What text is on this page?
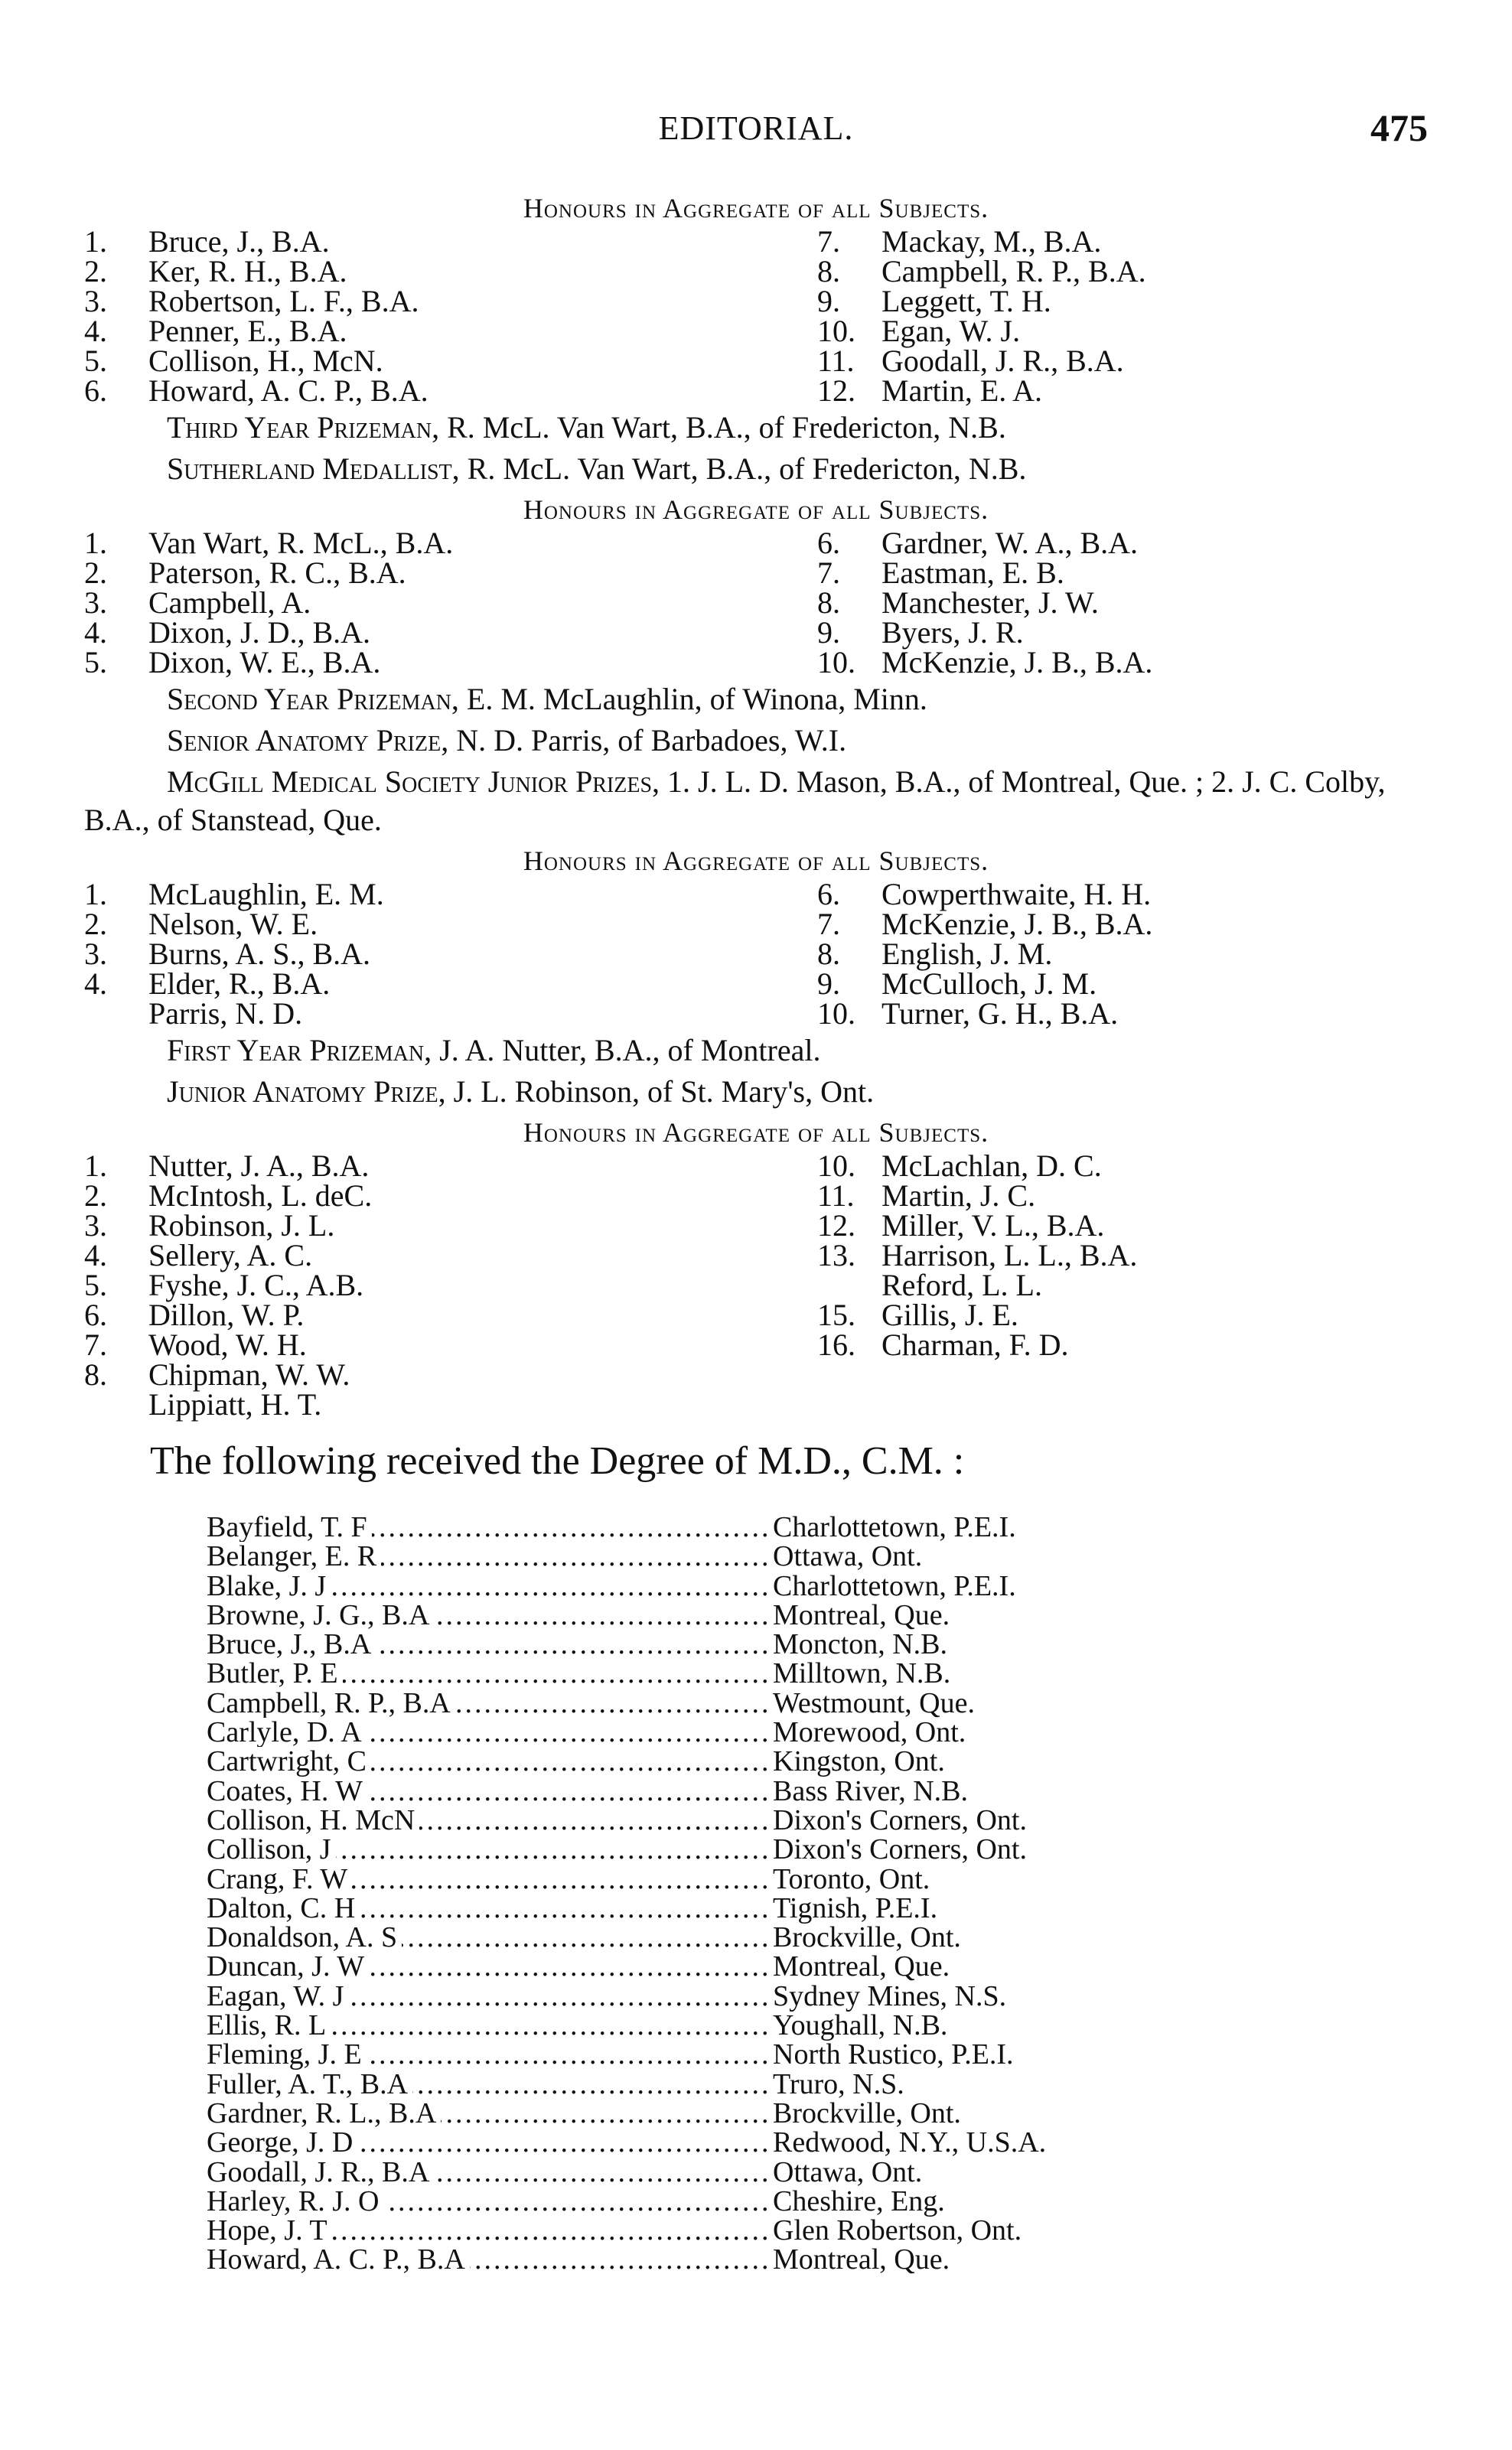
EDITORIAL.	475
Honours in Aggregate of all Subjects.
1.	Bruce, J., B.A.	7.	Mackay, M., B.A.
2.	Ker, R. H., B.A.	8.	Campbell, R. P., B.A.
3.	Robertson, L. F., B.A.	9.	Leggett, T. H.
4.	Penner, E., B.A.	10. Egan, W. J.
5.	Collison, H., McN.	11. Goodall, J. R., B.A.
6.	Howard, A. C. P., B.A.	12. Martin, E. A.

Third Year Prizeman, R. McL. Van Wart, B.A., of Fredericton, N.B.

Sutherland Medallist, R. McL. Van Wart, B.A., of Fredericton, N.B.

Honours in Aggregate of all Subjects.
1.	Van Wart, R. McL., B.A.	6.	Gardner, W. A., B.A.
2.	Paterson, R. C., B.A.	7.	Eastman, E. B.
3.	Campbell, A.	8.	Manchester, J. W.
4.	Dixon, J. D., B.A.	9.	Byers, J. R.
5.	Dixon, W. E., B.A.	10. McKenzie, J. B., B.A.

Second Year Prizeman, E. M. McLaughlin, of Winona, Minn.

Senior Anatomy Prize, N. D. Parris, of Barbadoes, W.I.

McGill Medical Society Junior Prizes, 1. J. L. D. Mason, B.A., of Montreal, Que. ; 2. J. C. Colby, B.A., of Stanstead, Que.

Honours in Aggregate of all Subjects.
1.	McLaughlin, E. M.	6.	Cowperthwaite, H. H.
2.	Nelson, W. E.	7.	McKenzie, J. B., B.A.
3.	Burns, A. S., B.A.	8.	English, J. M.
4.	Elder, R., B.A.	9.	McCulloch, J. M.
Parris, N. D.	10. Turner, G. H., B.A.

First Year Prizeman, J. A. Nutter, B.A., of Montreal.

Junior Anatomy Prize, J. L. Robinson, of St. Mary's, Ont.

Honours in Aggregate of all Subjects.
1.	Nutter, J. A., B.A.	10. McLachlan, D. C.
2.	McIntosh, L. deC.	11. Martin, J. C.
3.	Robinson, J. L.	12. Miller, V. L., B.A.
4.	Sellery, A. C.	13. Harrison, L. L., B.A.
5.	Fyshe, J. C., A.B.	Reford, L. L.
6.	Dillon, W. P.	15. Gillis, J. E.
7.	Wood, W. H.	16. Charman, F. D.
8.	Chipman, W. W.
Lippiatt, H. T.
The following received the Degree of M.D., C.M. :
Bayfield, T. F .....	Charlottetown, P.E.I.
Belanger, E. R .....	Ottawa, Ont.
Blake, J. J .....	Charlottetown, P.E.I.
Browne, J. G., B.A .....	Montreal, Que.
Bruce, J., B.A .....	Moncton, N.B.
Butler, P. E .....	Milltown, N.B.
Campbell, R. P., B.A .....	Westmount, Que.
Carlyle, D. A .....	Morewood, Ont.
Cartwright, C .....	Kingston, Ont.
Coates, H. W .....	Bass River, N.B.
Collison, H. McN .....	Dixon's Corners, Ont.
Collison, J .....	Dixon's Corners, Ont.
Crang, F. W .....	Toronto, Ont.
Dalton, C. H .....	Tignish, P.E.I.
Donaldson, A. S .....	Brockville, Ont.
Duncan, J. W .....	Montreal, Que.
Eagan, W. J .....	Sydney Mines, N.S.
Ellis, R. L .....	Youghall, N.B.
Fleming, J. E .....	North Rustico, P.E.I.
Fuller, A. T., B.A .....	Truro, N.S.
Gardner, R. L., B.A .....	Brockville, Ont.
George, J. D .....	Redwood, N.Y., U.S.A.
Goodall, J. R., B.A .....	Ottawa, Ont.
Harley, R. J. O .....	Cheshire, Eng.
Hope, J. T .....	Glen Robertson, Ont.
Howard, A. C. P., B.A .....	Montreal, Que.
